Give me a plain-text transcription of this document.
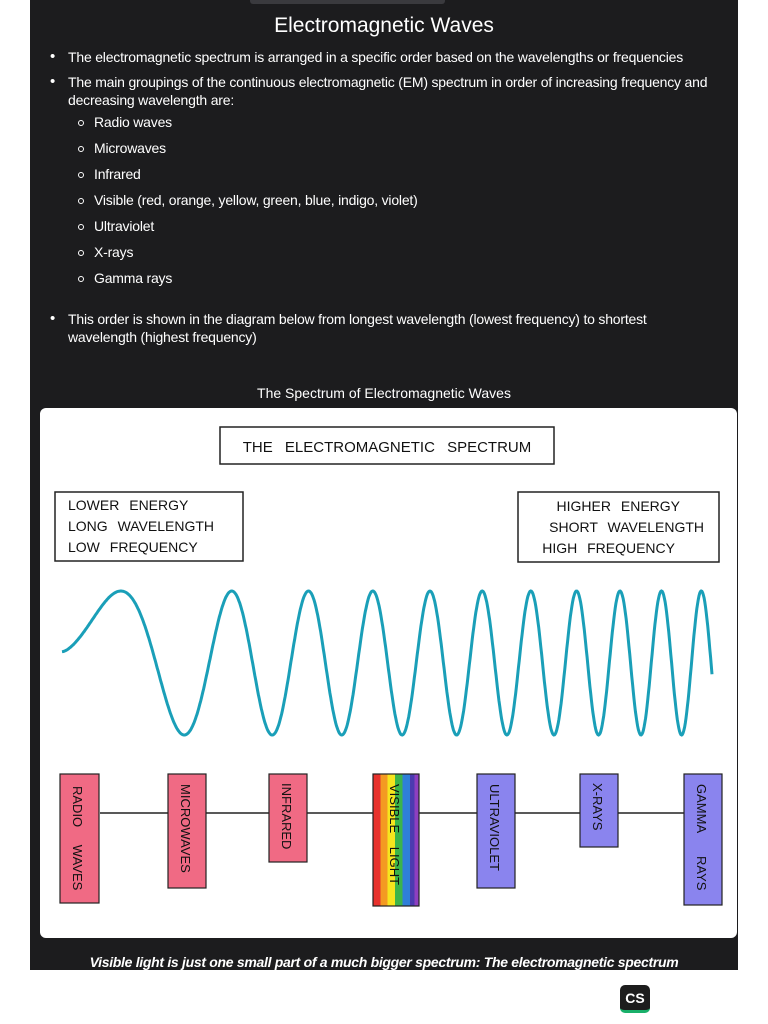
Electromagnetic Waves
• The electromagnetic spectrum is arranged in a specific order based on the wavelengths or frequencies
• The main groupings of the continuous electromagnetic (EM) spectrum in order of increasing frequency and decreasing wavelength are:
Radio waves
Microwaves
Infrared
Visible (red, orange, yellow, green, blue, indigo, violet)
Ultraviolet
X-rays
Gamma rays
• This order is shown in the diagram below from longest wavelength (lowest frequency) to shortest wavelength (highest frequency)
The Spectrum of Electromagnetic Waves
THE ELECTROMAGNETIC SPECTRUM
LOWER ENERGY
LONG WAVELENGTH
LOW FREQUENCY
HIGHER ENERGY
SHORT WAVELENGTH
HIGH FREQUENCY
RADIO WAVES	MICROWAVES	INFRARED	VISIBLE LIGHT	ULTRAVIOLET	X-RAYS	GAMMA RAYS
Visible light is just one small part of a much bigger spectrum: The electromagnetic spectrum
CS
